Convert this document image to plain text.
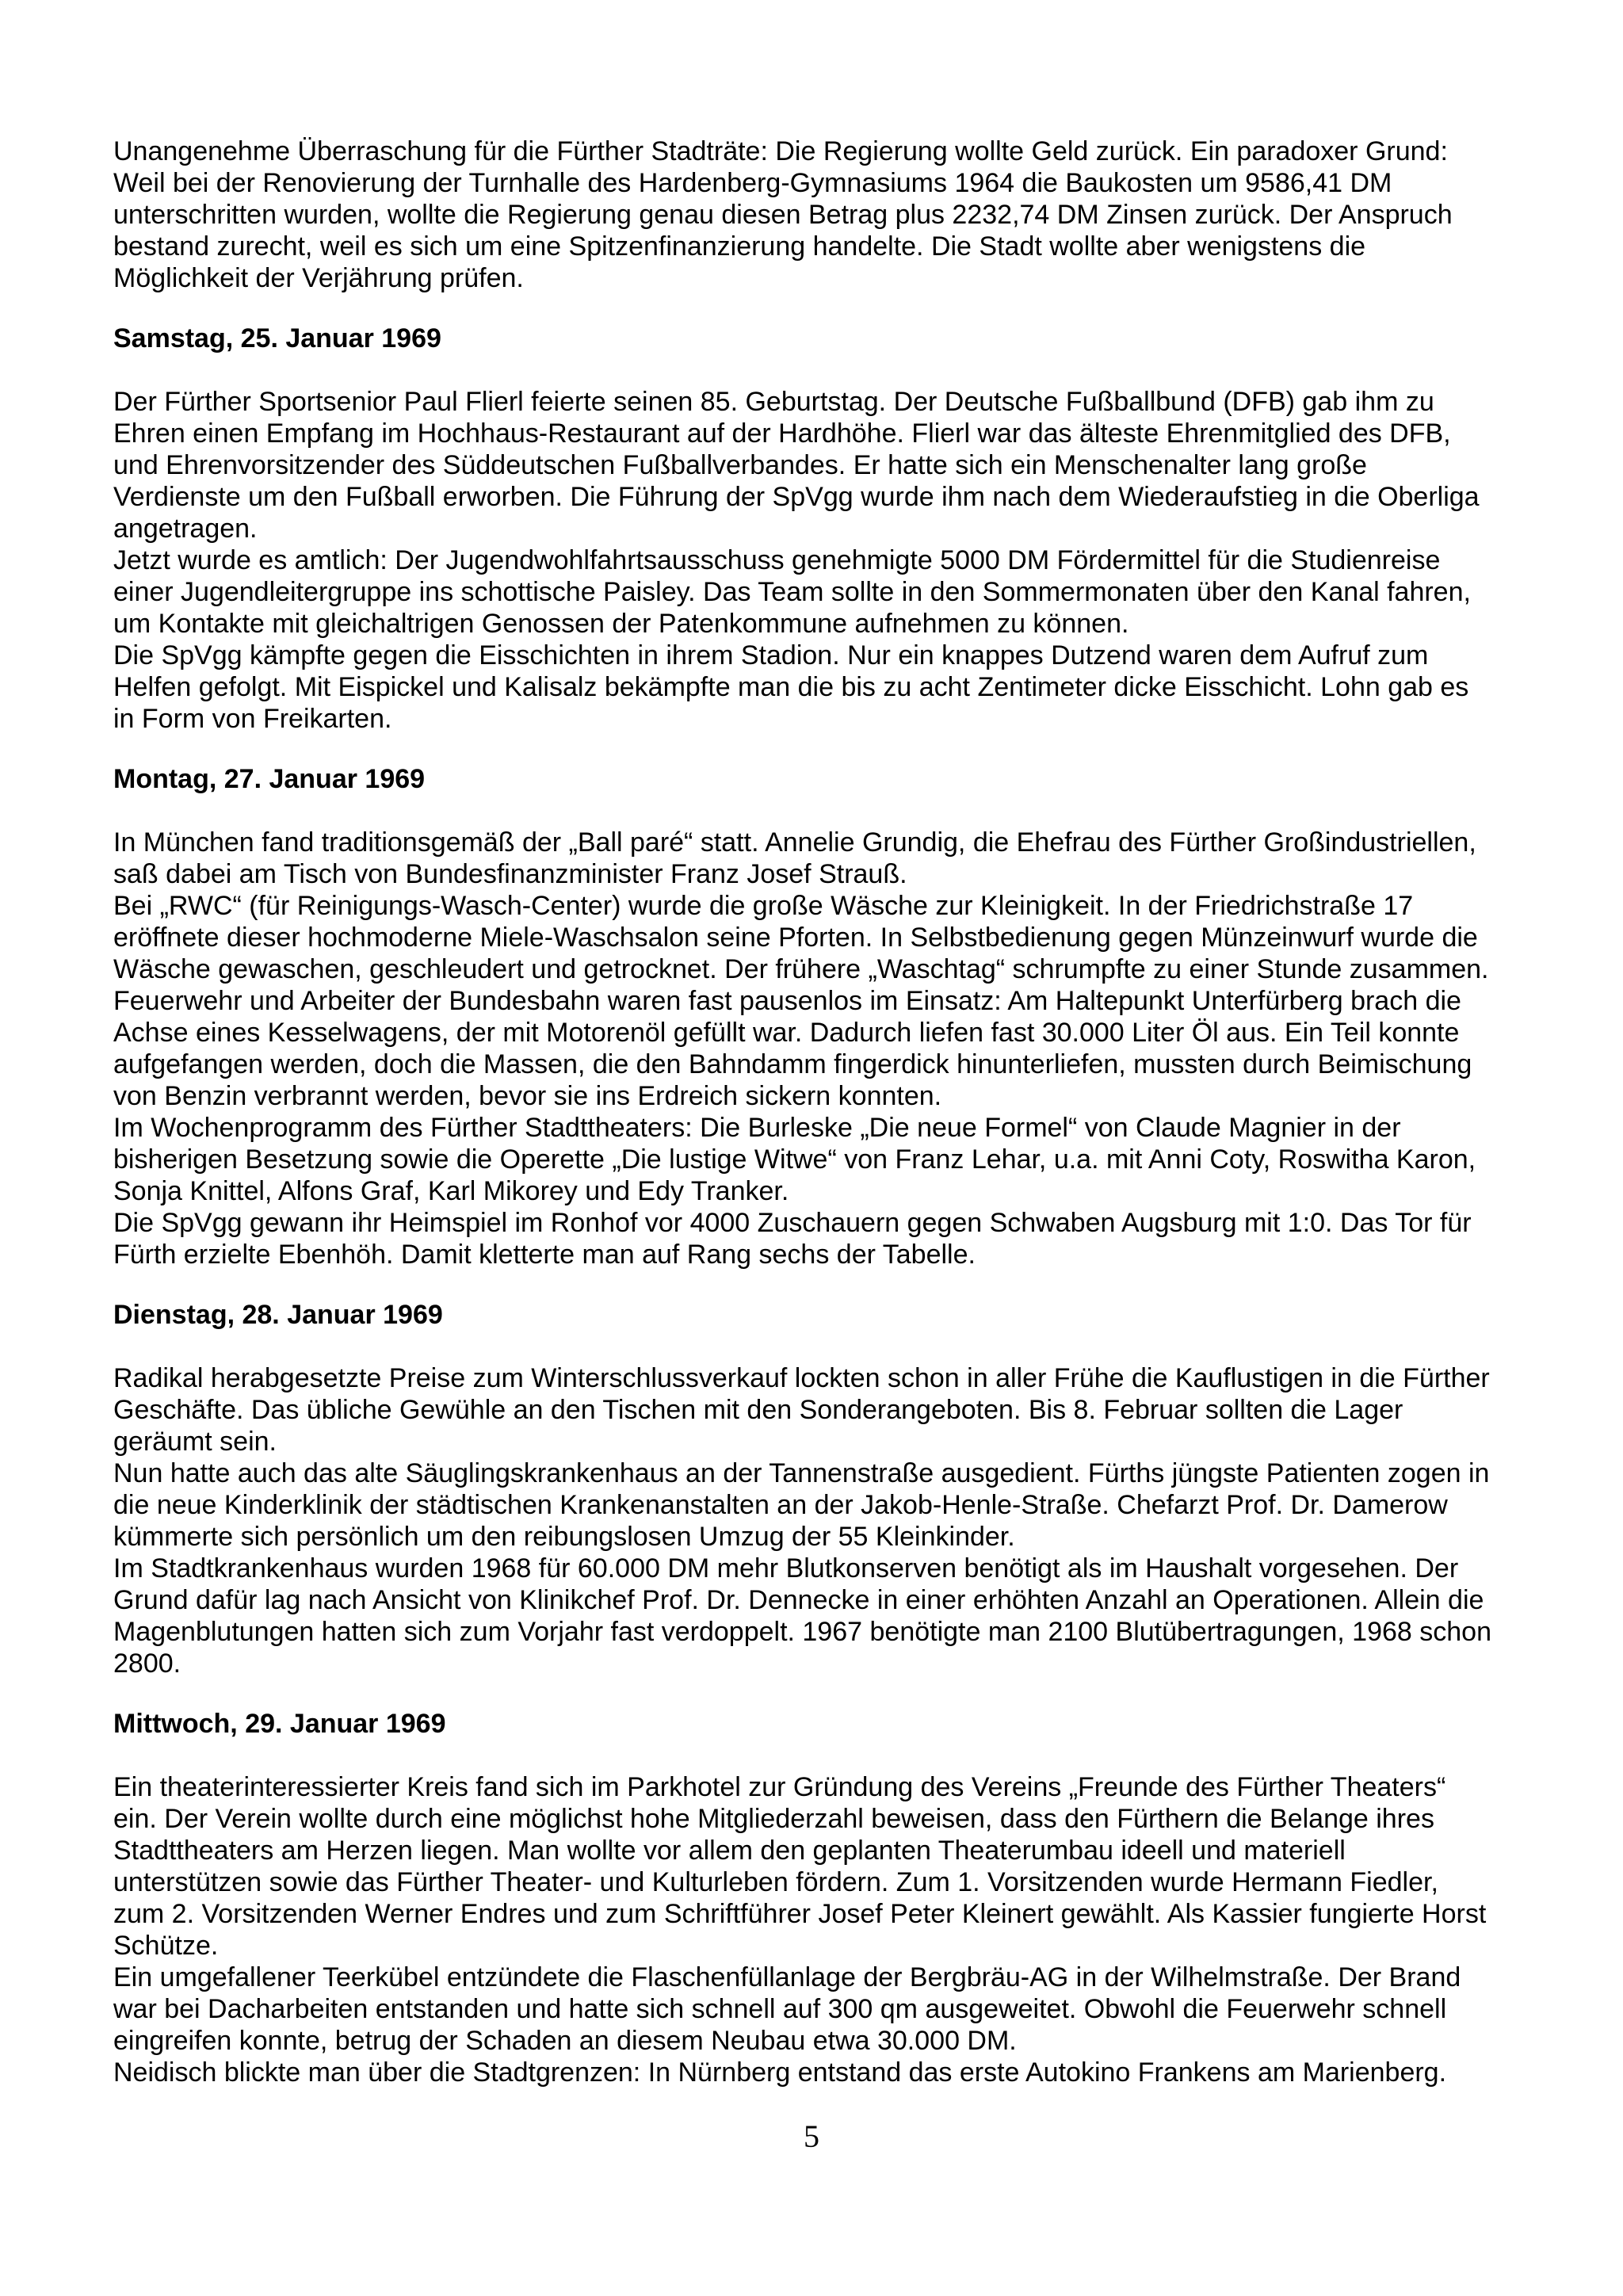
Unangenehme Überraschung für die Fürther Stadträte: Die Regierung wollte Geld zurück. Ein paradoxer Grund: Weil bei der Renovierung der Turnhalle des Hardenberg-Gymnasiums 1964 die Baukosten um 9586,41 DM unterschritten wurden, wollte die Regierung genau diesen Betrag plus 2232,74 DM Zinsen zurück. Der Anspruch bestand zurecht, weil es sich um eine Spitzenfinanzierung handelte. Die Stadt wollte aber wenigstens die Möglichkeit der Verjährung prüfen.

Samstag, 25. Januar 1969

Der Fürther Sportsenior Paul Flierl feierte seinen 85. Geburtstag. Der Deutsche Fußballbund (DFB) gab ihm zu Ehren einen Empfang im Hochhaus-Restaurant auf der Hardhöhe. Flierl war das älteste Ehrenmitglied des DFB, und Ehrenvorsitzender des Süddeutschen Fußballverbandes. Er hatte sich ein Menschenalter lang große Verdienste um den Fußball erworben. Die Führung der SpVgg wurde ihm nach dem Wiederaufstieg in die Oberliga angetragen.

Jetzt wurde es amtlich: Der Jugendwohlfahrtsausschuss genehmigte 5000 DM Fördermittel für die Studienreise einer Jugendleitergruppe ins schottische Paisley. Das Team sollte in den Sommermonaten über den Kanal fahren, um Kontakte mit gleichaltrigen Genossen der Patenkommune aufnehmen zu können.

Die SpVgg kämpfte gegen die Eisschichten in ihrem Stadion. Nur ein knappes Dutzend waren dem Aufruf zum Helfen gefolgt. Mit Eispickel und Kalisalz bekämpfte man die bis zu acht Zentimeter dicke Eisschicht. Lohn gab es in Form von Freikarten.

Montag, 27. Januar 1969

In München fand traditionsgemäß der „Ball paré“ statt. Annelie Grundig, die Ehefrau des Fürther Großindustriellen, saß dabei am Tisch von Bundesfinanzminister Franz Josef Strauß.

Bei „RWC“ (für Reinigungs-Wasch-Center) wurde die große Wäsche zur Kleinigkeit. In der Friedrichstraße 17 eröffnete dieser hochmoderne Miele-Waschsalon seine Pforten. In Selbstbedienung gegen Münzeinwurf wurde die Wäsche gewaschen, geschleudert und getrocknet. Der frühere „Waschtag“ schrumpfte zu einer Stunde zusammen.

Feuerwehr und Arbeiter der Bundesbahn waren fast pausenlos im Einsatz: Am Haltepunkt Unterfürberg brach die Achse eines Kesselwagens, der mit Motorenöl gefüllt war. Dadurch liefen fast 30.000 Liter Öl aus. Ein Teil konnte aufgefangen werden, doch die Massen, die den Bahndamm fingerdick hinunterliefen, mussten durch Beimischung von Benzin verbrannt werden, bevor sie ins Erdreich sickern konnten.

Im Wochenprogramm des Fürther Stadttheaters: Die Burleske „Die neue Formel“ von Claude Magnier in der bisherigen Besetzung sowie die Operette „Die lustige Witwe“ von Franz Lehar, u.a. mit Anni Coty, Roswitha Karon, Sonja Knittel, Alfons Graf, Karl Mikorey und Edy Tranker.

Die SpVgg gewann ihr Heimspiel im Ronhof vor 4000 Zuschauern gegen Schwaben Augsburg mit 1:0. Das Tor für Fürth erzielte Ebenhöh. Damit kletterte man auf Rang sechs der Tabelle.

Dienstag, 28. Januar 1969

Radikal herabgesetzte Preise zum Winterschlussverkauf lockten schon in aller Frühe die Kauflustigen in die Fürther Geschäfte. Das übliche Gewühle an den Tischen mit den Sonderangeboten. Bis 8. Februar sollten die Lager geräumt sein.

Nun hatte auch das alte Säuglingskrankenhaus an der Tannenstraße ausgedient. Fürths jüngste Patienten zogen in die neue Kinderklinik der städtischen Krankenanstalten an der Jakob-Henle-Straße. Chefarzt Prof. Dr. Damerow kümmerte sich persönlich um den reibungslosen Umzug der 55 Kleinkinder.

Im Stadtkrankenhaus wurden 1968 für 60.000 DM mehr Blutkonserven benötigt als im Haushalt vorgesehen. Der Grund dafür lag nach Ansicht von Klinikchef Prof. Dr. Dennecke in einer erhöhten Anzahl an Operationen. Allein die Magenblutungen hatten sich zum Vorjahr fast verdoppelt. 1967 benötigte man 2100 Blutübertragungen, 1968 schon 2800.

Mittwoch, 29. Januar 1969

Ein theaterinteressierter Kreis fand sich im Parkhotel zur Gründung des Vereins „Freunde des Fürther Theaters“ ein. Der Verein wollte durch eine möglichst hohe Mitgliederzahl beweisen, dass den Fürthern die Belange ihres Stadttheaters am Herzen liegen. Man wollte vor allem den geplanten Theaterumbau ideell und materiell unterstützen sowie das Fürther Theater- und Kulturleben fördern. Zum 1. Vorsitzenden wurde Hermann Fiedler, zum 2. Vorsitzenden Werner Endres und zum Schriftführer Josef Peter Kleinert gewählt. Als Kassier fungierte Horst Schütze.

Ein umgefallener Teerkübel entzündete die Flaschenfüllanlage der Bergbräu-AG in der Wilhelmstraße. Der Brand war bei Dacharbeiten entstanden und hatte sich schnell auf 300 qm ausgeweitet. Obwohl die Feuerwehr schnell eingreifen konnte, betrug der Schaden an diesem Neubau etwa 30.000 DM.

Neidisch blickte man über die Stadtgrenzen: In Nürnberg entstand das erste Autokino Frankens am Marienberg.

5
